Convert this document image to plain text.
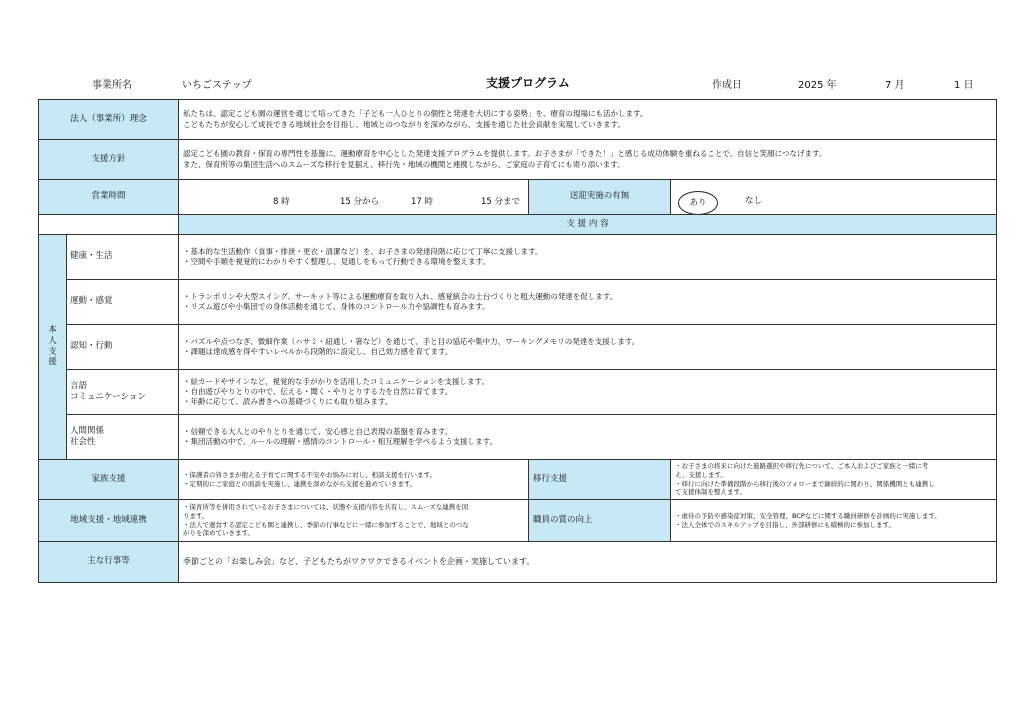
事業所名	いちごステップ	支援プログラム	作成日	2025 年	7 月	1 日
法人（事業所）理念		私たちは、認定こども園の運営を通じて培ってきた「子ども一人ひとりの個性と発達を大切にする姿勢」を、療育の現場にも活かします。
こどもたちが安心して成長できる地域社会を目指し、地域とのつながりを深めながら、支援を通じた社会貢献を実現していきます。		

支援方針		認定こども園の教育・保育の専門性を基盤に、運動療育を中心とした発達支援プログラムを提供します。お子さまが「できた！」と感じる成功体験を重ねることで、自信と笑顔につなげます。
また、保育所等の集団生活へのスムーズな移行を見据え、移行先・地域の機関と連携しながら、ご家庭の子育てにも寄り添います。		

営業時間		8 時 15 分から 17 時 15 分まで	送迎実施の有無	あり なし

		支 援 内 容		
本人支援	健康・生活	・基本的な生活動作（食事・排泄・更衣・清潔など）を、お子さまの発達段階に応じて丁寧に支援します。
・空間や手順を視覚的にわかりやすく整理し、見通しをもって行動できる環境を整えます。		

	運動・感覚	・トランポリンや大型スイング、サーキット等による運動療育を取り入れ、感覚統合の土台づくりと粗大運動の発達を促します。
・リズム遊びや小集団での身体活動を通じて、身体のコントロール力や協調性も育みます。		

	認知・行動	・パズルや点つなぎ、微細作業（ハサミ・紐通し・箸など）を通じて、手と目の協応や集中力、ワーキングメモリの発達を支援します。
・課題は達成感を得やすいレベルから段階的に設定し、自己効力感を育てます。		

	言語
コミュニケーション	・絵カードやサインなど、視覚的な手がかりを活用したコミュニケーションを支援します。
・自由遊びやりとりの中で、伝える・聞く・やりとりする力を自然に育てます。
・年齢に応じて、読み書きへの基礎づくりにも取り組みます。		

	人間関係
社会性	・信頼できる大人とのやりとりを通じて、安心感と自己表現の基盤を育みます。
・集団活動の中で、ルールの理解・感情のコントロール・相互理解を学べるよう支援します。		

家族支援		・保護者の皆さまが抱える子育てに関する不安やお悩みに対し、相談支援を行います。
・定期的にご家庭との面談を実施し、連携を深めながら支援を進めていきます。	移行支援	・お子さまの将来に向けた進路選択や移行先について、ご本人およびご家族と一緒に考
え、支援します。
・移行に向けた準備段階から移行後のフォローまで継続的に関わり、関係機関とも連携し
て支援体制を整えます。

地域支援・地域連携		・保育所等を併用されているお子さまについては、状態や支援内容を共有し、スムーズな連携を図
ります。
・法人で運営する認定こども園と連携し、季節の行事などに一緒に参加することで、地域とのつな
がりを深めていきます。	職員の質の向上	・虐待の予防や感染症対策、安全管理、BCPなどに関する職員研修を計画的に実施します。
・法人全体でのスキルアップを目指し、外部研修にも積極的に参加します。

主な行事等		季節ごとの「お楽しみ会」など、子どもたちがワクワクできるイベントを企画・実施しています。		
